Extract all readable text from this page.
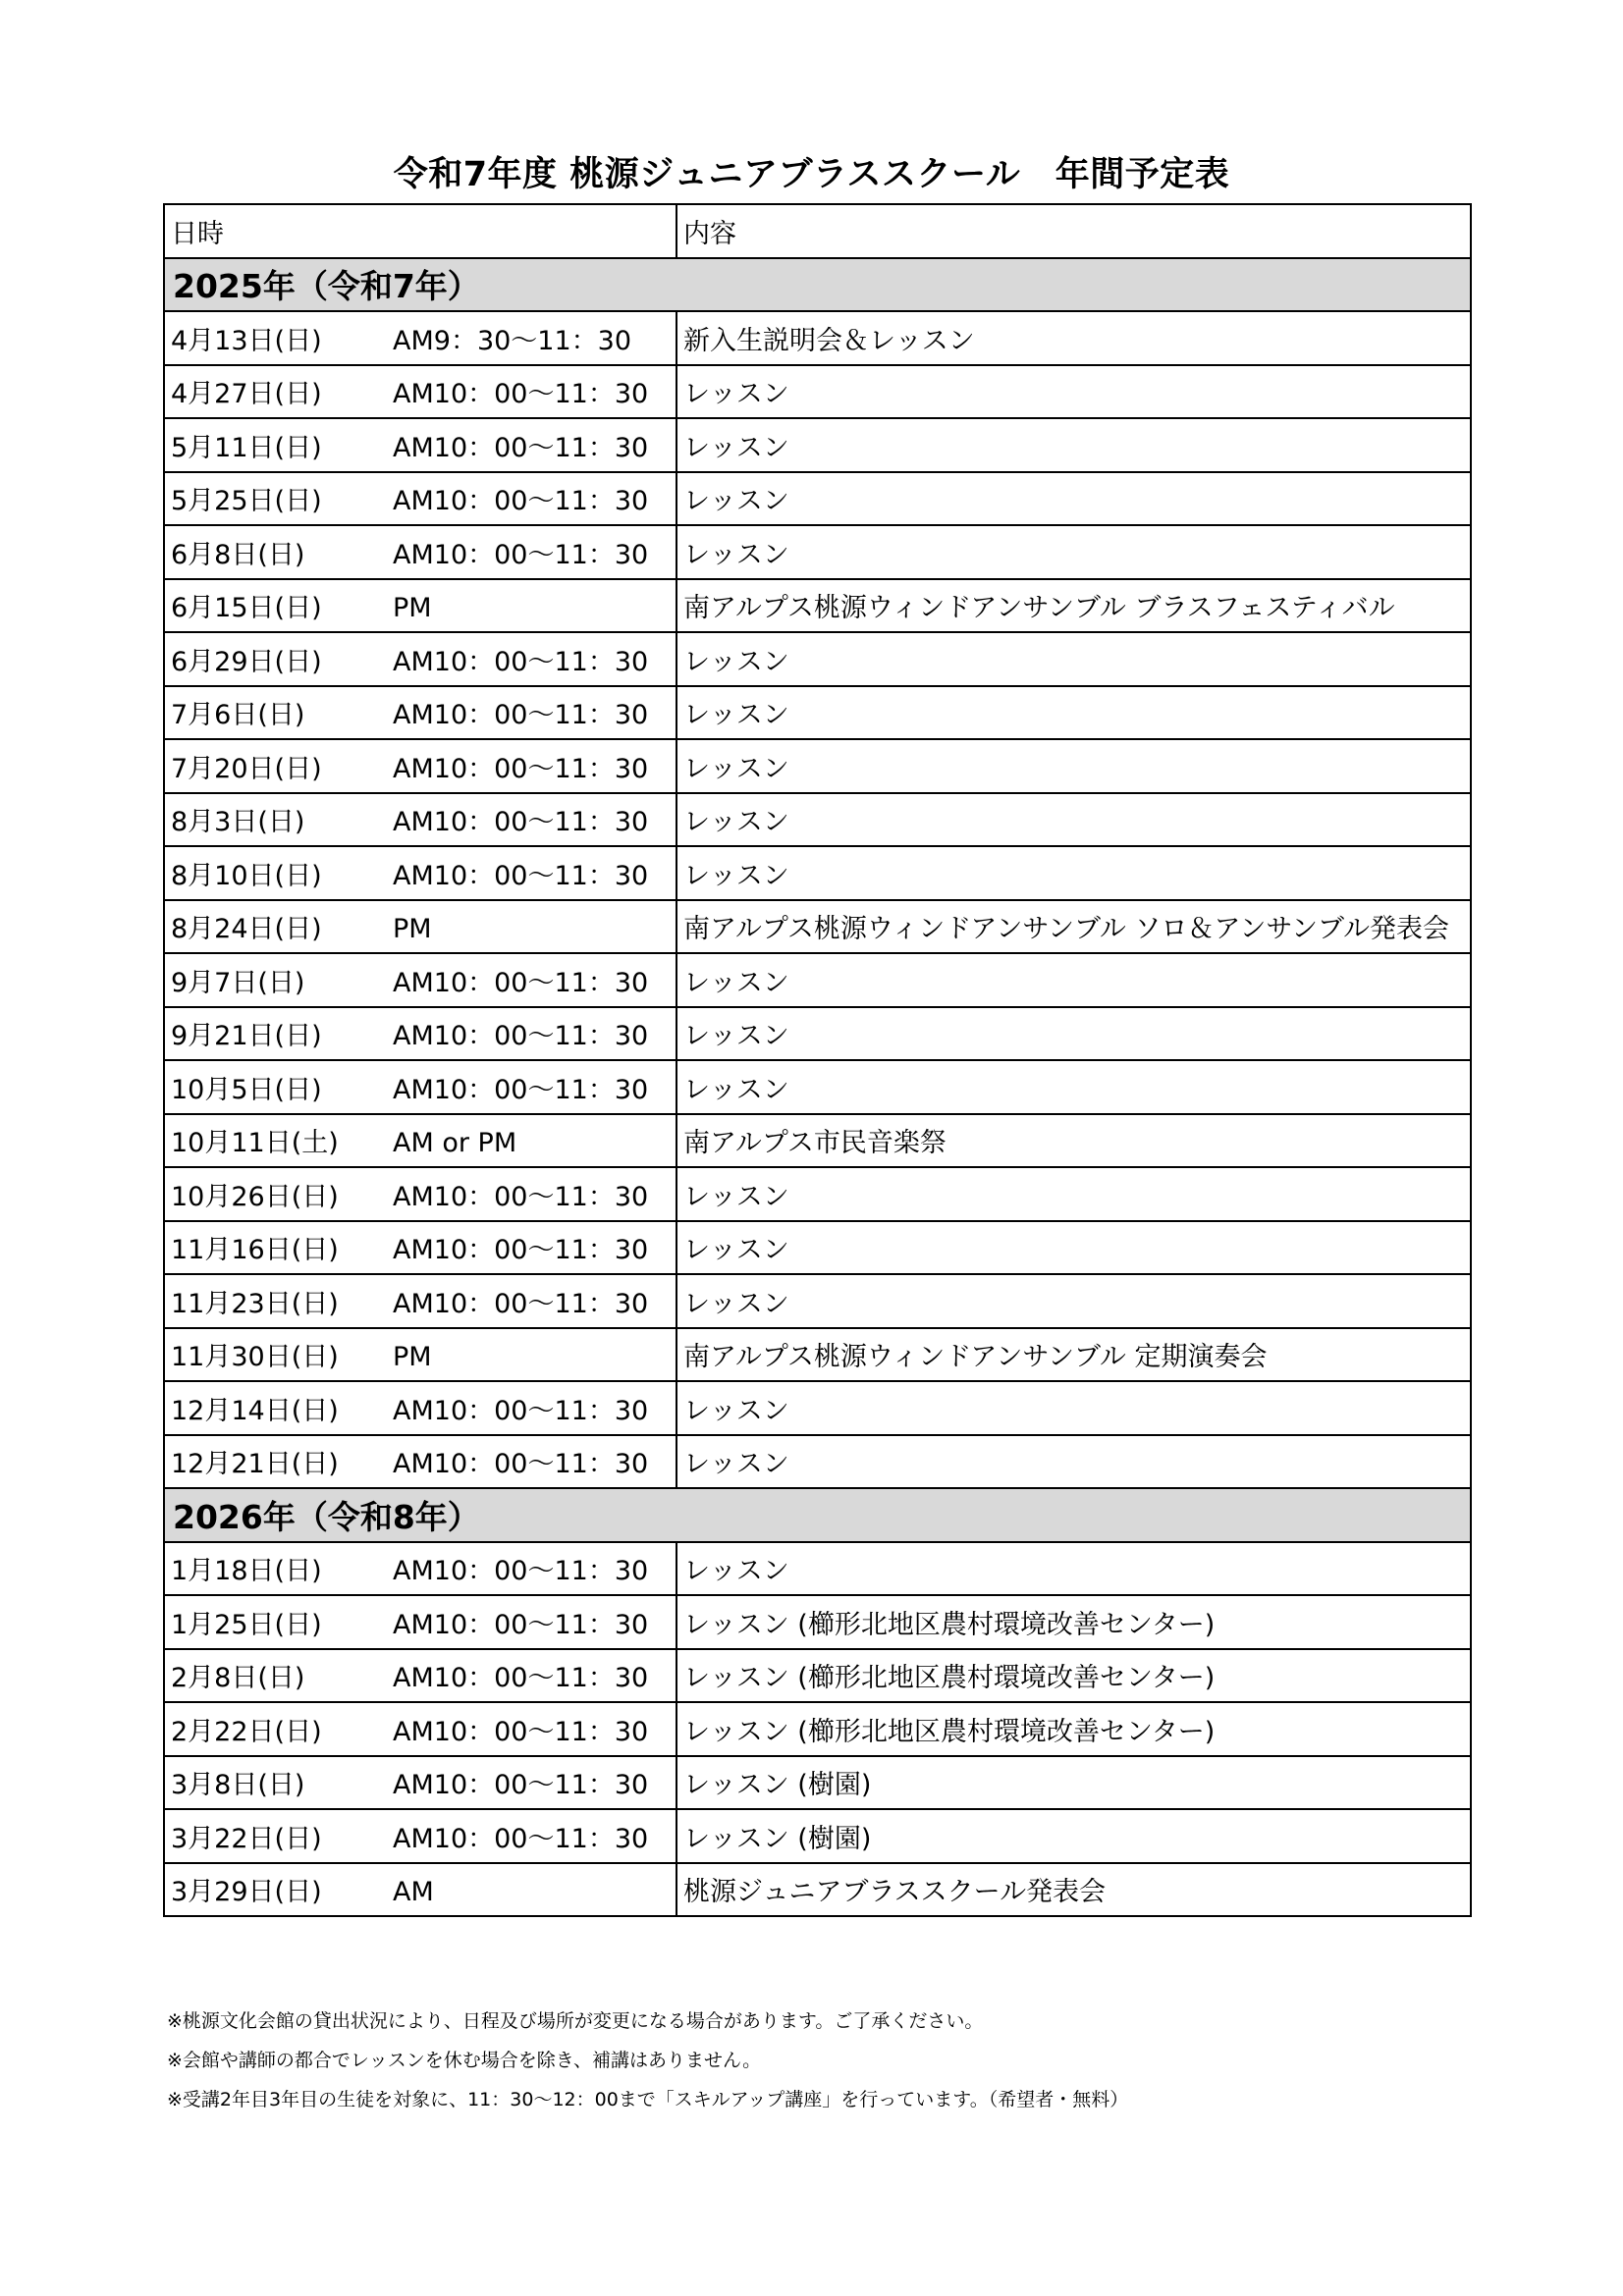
令和7年度 桃源ジュニアブラススクール　年間予定表
日時	内容
2025年（令和7年）	
4月13日(日) AM9：30～11：30	新入生説明会＆レッスン
4月27日(日) AM10：00～11：30	レッスン
5月11日(日) AM10：00～11：30	レッスン
5月25日(日) AM10：00～11：30	レッスン
6月8日(日) AM10：00～11：30	レッスン
6月15日(日) PM	南アルプス桃源ウィンドアンサンブル ブラスフェスティバル
6月29日(日) AM10：00～11：30	レッスン
7月6日(日) AM10：00～11：30	レッスン
7月20日(日) AM10：00～11：30	レッスン
8月3日(日) AM10：00～11：30	レッスン
8月10日(日) AM10：00～11：30	レッスン
8月24日(日) PM	南アルプス桃源ウィンドアンサンブル ソロ＆アンサンブル発表会
9月7日(日) AM10：00～11：30	レッスン
9月21日(日) AM10：00～11：30	レッスン
10月5日(日) AM10：00～11：30	レッスン
10月11日(土) AM or PM	南アルプス市民音楽祭
10月26日(日) AM10：00～11：30	レッスン
11月16日(日) AM10：00～11：30	レッスン
11月23日(日) AM10：00～11：30	レッスン
11月30日(日) PM	南アルプス桃源ウィンドアンサンブル 定期演奏会
12月14日(日) AM10：00～11：30	レッスン
12月21日(日) AM10：00～11：30	レッスン
2026年（令和8年）	
1月18日(日) AM10：00～11：30	レッスン
1月25日(日) AM10：00～11：30	レッスン (櫛形北地区農村環境改善センター)
2月8日(日) AM10：00～11：30	レッスン (櫛形北地区農村環境改善センター)
2月22日(日) AM10：00～11：30	レッスン (櫛形北地区農村環境改善センター)
3月8日(日) AM10：00～11：30	レッスン (樹園)
3月22日(日) AM10：00～11：30	レッスン (樹園)
3月29日(日) AM	桃源ジュニアブラススクール発表会
※桃源文化会館の貸出状況により、日程及び場所が変更になる場合があります。ご了承ください。
※会館や講師の都合でレッスンを休む場合を除き、補講はありません。
※受講2年目3年目の生徒を対象に、11：30～12：00まで「スキルアップ講座」を行っています。（希望者・無料）
